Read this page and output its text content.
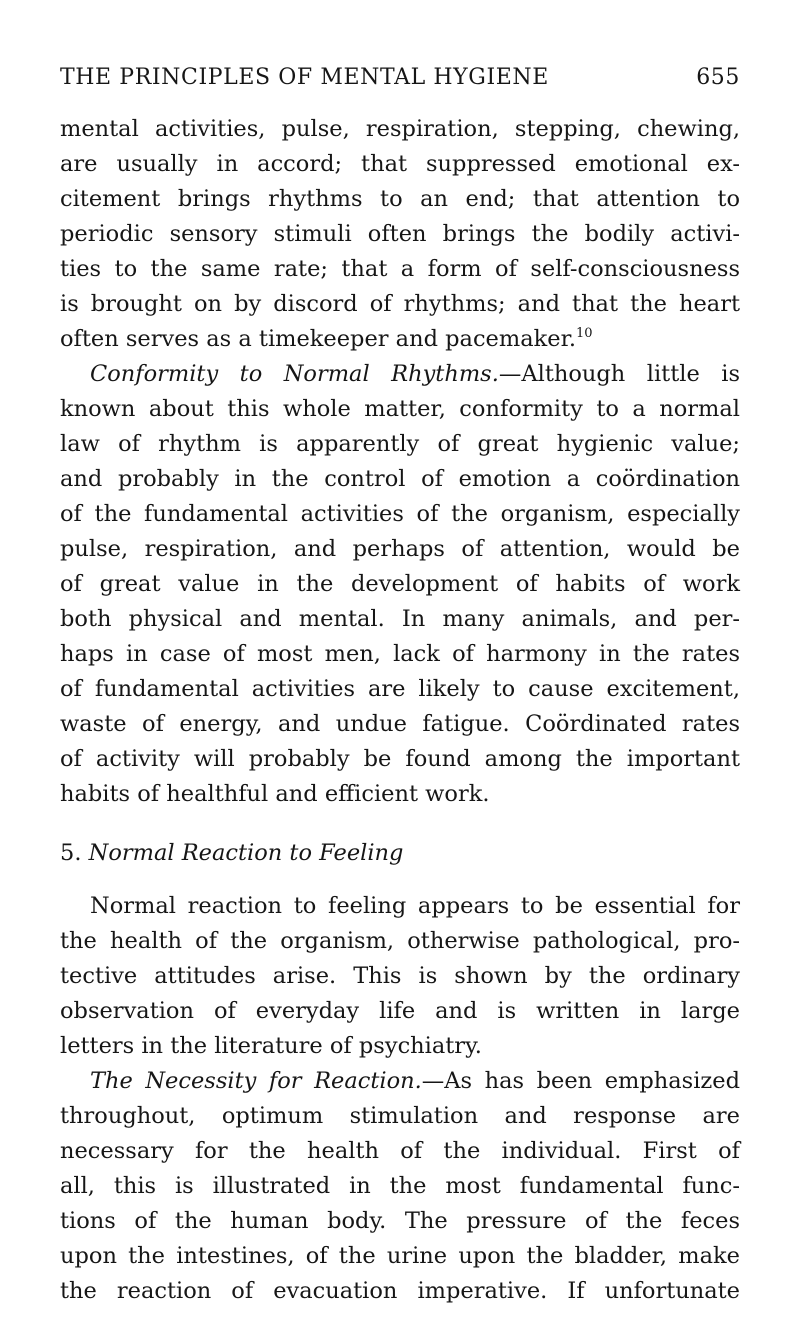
THE PRINCIPLES OF MENTAL HYGIENE	655
mental activities, pulse, respiration, stepping, chewing,
are usually in accord; that suppressed emotional ex-
citement brings rhythms to an end; that attention to
periodic sensory stimuli often brings the bodily activi-
ties to the same rate; that a form of self-consciousness
is brought on by discord of rhythms; and that the heart
often serves as a timekeeper and pacemaker.$^{10}$
Conformity to Normal Rhythms.—Although little is
known about this whole matter, conformity to a normal
law of rhythm is apparently of great hygienic value;
and probably in the control of emotion a coördination
of the fundamental activities of the organism, especially
pulse, respiration, and perhaps of attention, would be
of great value in the development of habits of work
both physical and mental. In many animals, and per-
haps in case of most men, lack of harmony in the rates
of fundamental activities are likely to cause excitement,
waste of energy, and undue fatigue. Coördinated rates
of activity will probably be found among the important
habits of healthful and efficient work.
5. Normal Reaction to Feeling
Normal reaction to feeling appears to be essential for
the health of the organism, otherwise pathological, pro-
tective attitudes arise. This is shown by the ordinary
observation of everyday life and is written in large
letters in the literature of psychiatry.
The Necessity for Reaction.—As has been emphasized
throughout, optimum stimulation and response are
necessary for the health of the individual. First of
all, this is illustrated in the most fundamental func-
tions of the human body. The pressure of the feces
upon the intestines, of the urine upon the bladder, make
the reaction of evacuation imperative. If unfortunate
